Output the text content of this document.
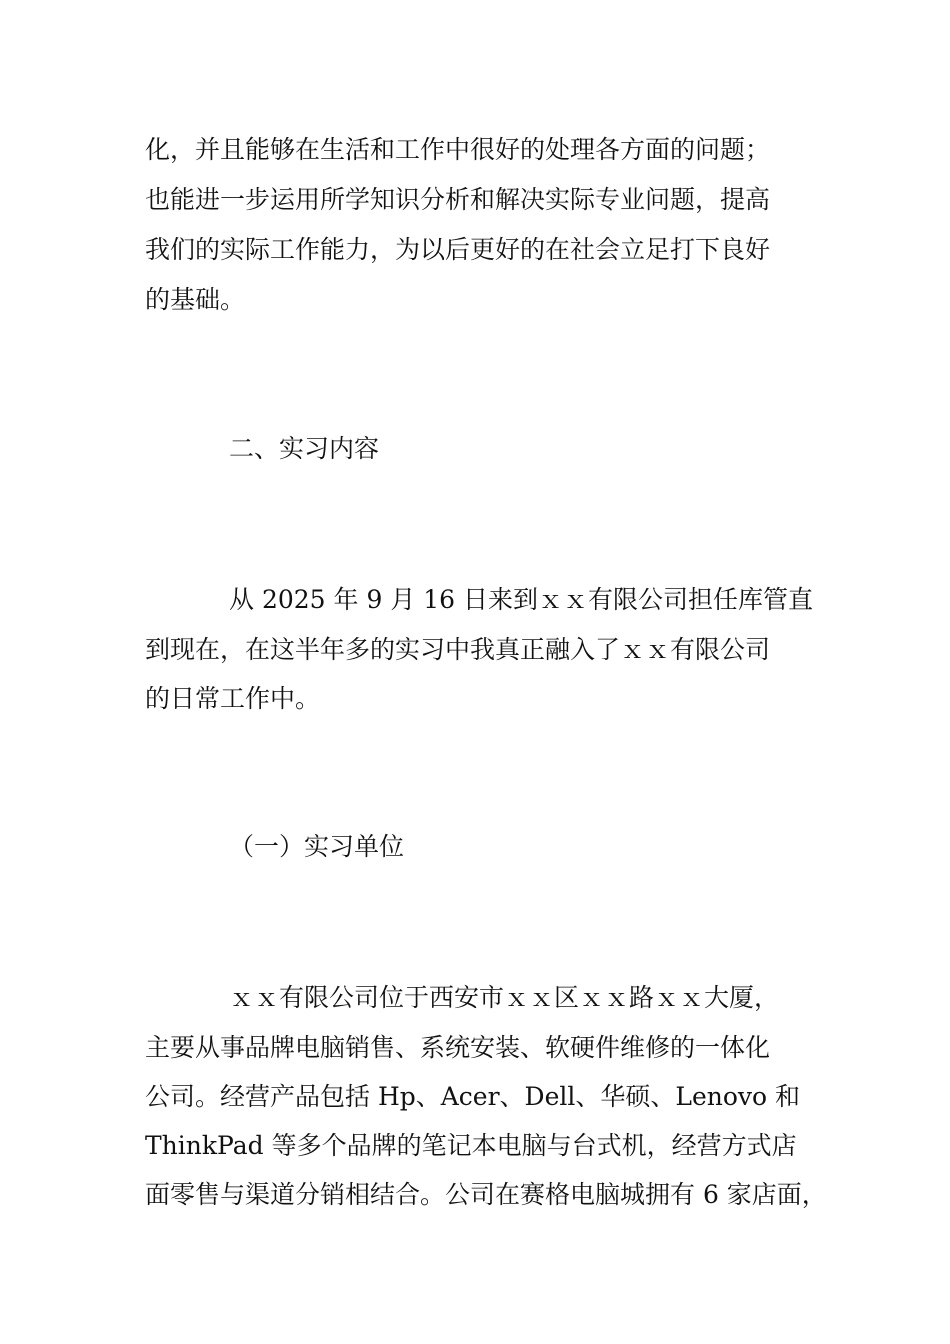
化，并且能够在生活和工作中很好的处理各方面的问题；

也能进一步运用所学知识分析和解决实际专业问题，提高

我们的实际工作能力，为以后更好的在社会立足打下良好

的基础。

二、实习内容

从 2025 年 9 月 16 日来到ｘｘ有限公司担任库管直

到现在，在这半年多的实习中我真正融入了ｘｘ有限公司

的日常工作中。

（一）实习单位

ｘｘ有限公司位于西安市ｘｘ区ｘｘ路ｘｘ大厦，

主要从事品牌电脑销售、系统安装、软硬件维修的一体化

公司。经营产品包括 Hp、Acer、Dell、华硕、Lenovo 和

ThinkPad 等多个品牌的笔记本电脑与台式机，经营方式店

面零售与渠道分销相结合。公司在赛格电脑城拥有 6 家店面，
